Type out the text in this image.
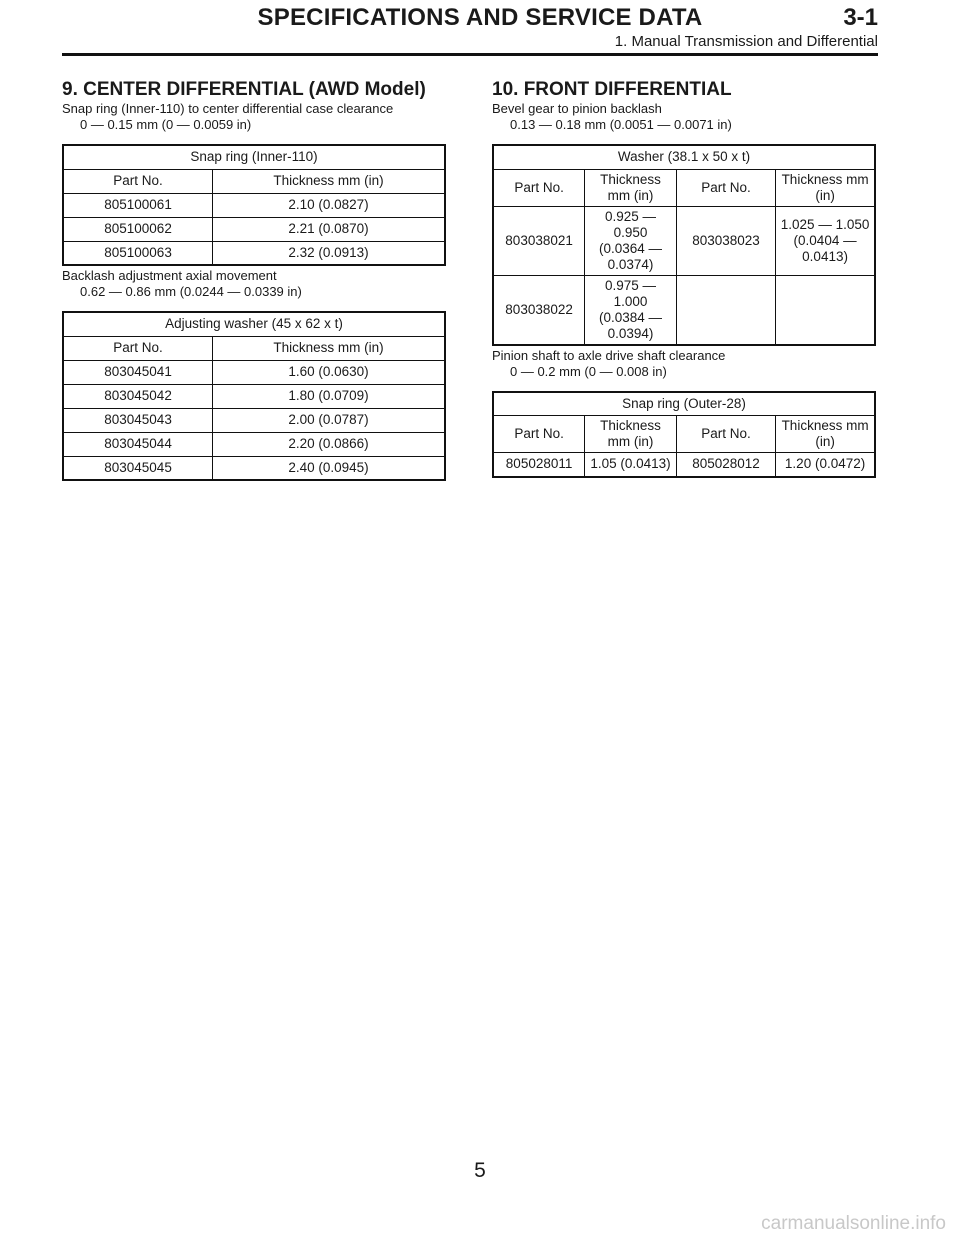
SPECIFICATIONS AND SERVICE DATA	3-1
1. Manual Transmission and Differential
9. CENTER DIFFERENTIAL (AWD Model)
Snap ring (Inner-110) to center differential case clearance
0 — 0.15 mm (0 — 0.0059 in)
Snap ring (Inner-110)	
Part No.	Thickness mm (in)
805100061	2.10 (0.0827)
805100062	2.21 (0.0870)
805100063	2.32 (0.0913)
Backlash adjustment axial movement
0.62 — 0.86 mm (0.0244 — 0.0339 in)
Adjusting washer (45 x 62 x t)	
Part No.	Thickness mm (in)
803045041	1.60 (0.0630)
803045042	1.80 (0.0709)
803045043	2.00 (0.0787)
803045044	2.20 (0.0866)
803045045	2.40 (0.0945)
10. FRONT DIFFERENTIAL
Bevel gear to pinion backlash
0.13 — 0.18 mm (0.0051 — 0.0071 in)
Washer (38.1 x 50 x t)			
Part No.	Thickness mm (in)	Part No.	Thickness mm (in)
803038021	0.925 — 0.950 (0.0364 — 0.0374)	803038023	1.025 — 1.050 (0.0404 — 0.0413)
803038022	0.975 — 1.000 (0.0384 — 0.0394)		
Pinion shaft to axle drive shaft clearance
0 — 0.2 mm (0 — 0.008 in)
Snap ring (Outer-28)			
Part No.	Thickness mm (in)	Part No.	Thickness mm (in)
805028011	1.05 (0.0413)	805028012	1.20 (0.0472)
5
carmanualsonline.info
